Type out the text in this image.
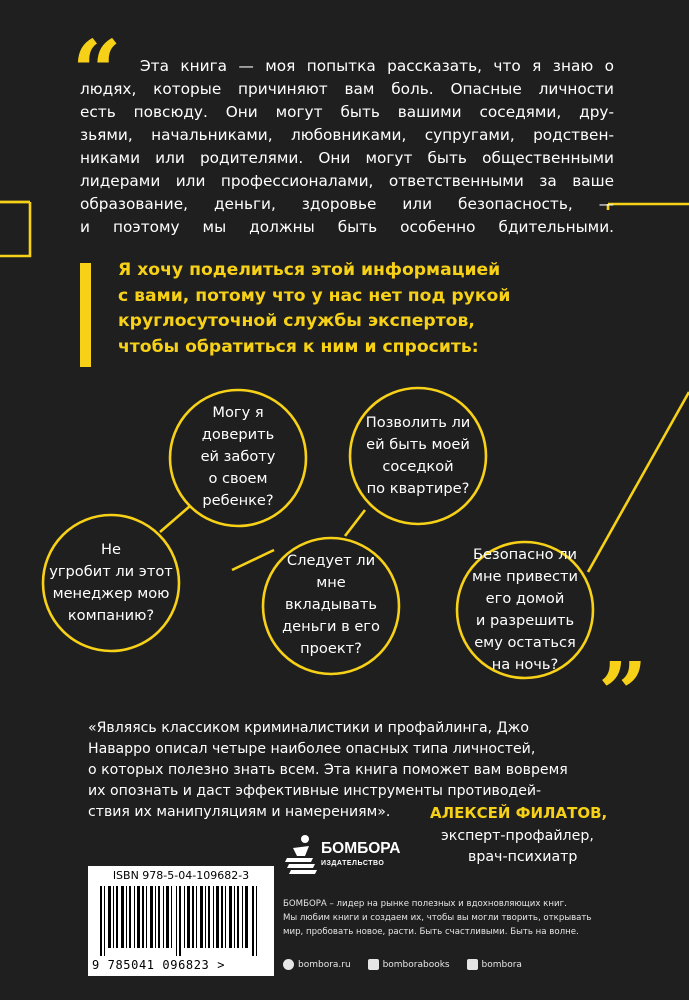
“	Эта книга — моя попытка рассказать, что я знаю о
людях, которые причиняют вам боль. Опасные личности
есть повсюду. Они могут быть вашими соседями, дру-
зьями, начальниками, любовниками, супругами, родствен-
никами или родителями. Они могут быть общественными
лидерами или профессионалами, ответственными за ваше
образование, деньги, здоровье или безопасность, —
и поэтому мы должны быть особенно бдительными.
Я хочу поделиться этой информацией
с вами, потому что у нас нет под рукой
круглосуточной службы экспертов,
чтобы обратиться к ним и спросить:
Могу я
доверить
ей заботу
о своем
ребенке?
Позволить ли
ей быть моей
соседкой
по квартире?
Не
угробит ли этот
менеджер мою
компанию?
Следует ли
мне
вкладывать
деньги в его
проект?
Безопасно ли
мне привести
его домой
и разрешить
ему остаться
на ночь? ”
«Являясь классиком криминалистики и профайлинга, Джо
Наварро описал четыре наиболее опасных типа личностей,
о которых полезно знать всем. Эта книга поможет вам вовремя
их опознать и даст эффективные инструменты противодей-
ствия их манипуляциям и намерениям».	АЛЕКСЕЙ ФИЛАТОВ,
эксперт-профайлер,
врач-психиатр
ISBN 978-5-04-109682-3
9 785041 096823 >
БОМБОРА
ИЗДАТЕЛЬСТВО
БОМБОРА – лидер на рынке полезных и вдохновляющих книг.
Мы любим книги и создаем их, чтобы вы могли творить, открывать
мир, пробовать новое, расти. Быть счастливыми. Быть на волне.
bombora.ru
	bomborabooks
	bombora
